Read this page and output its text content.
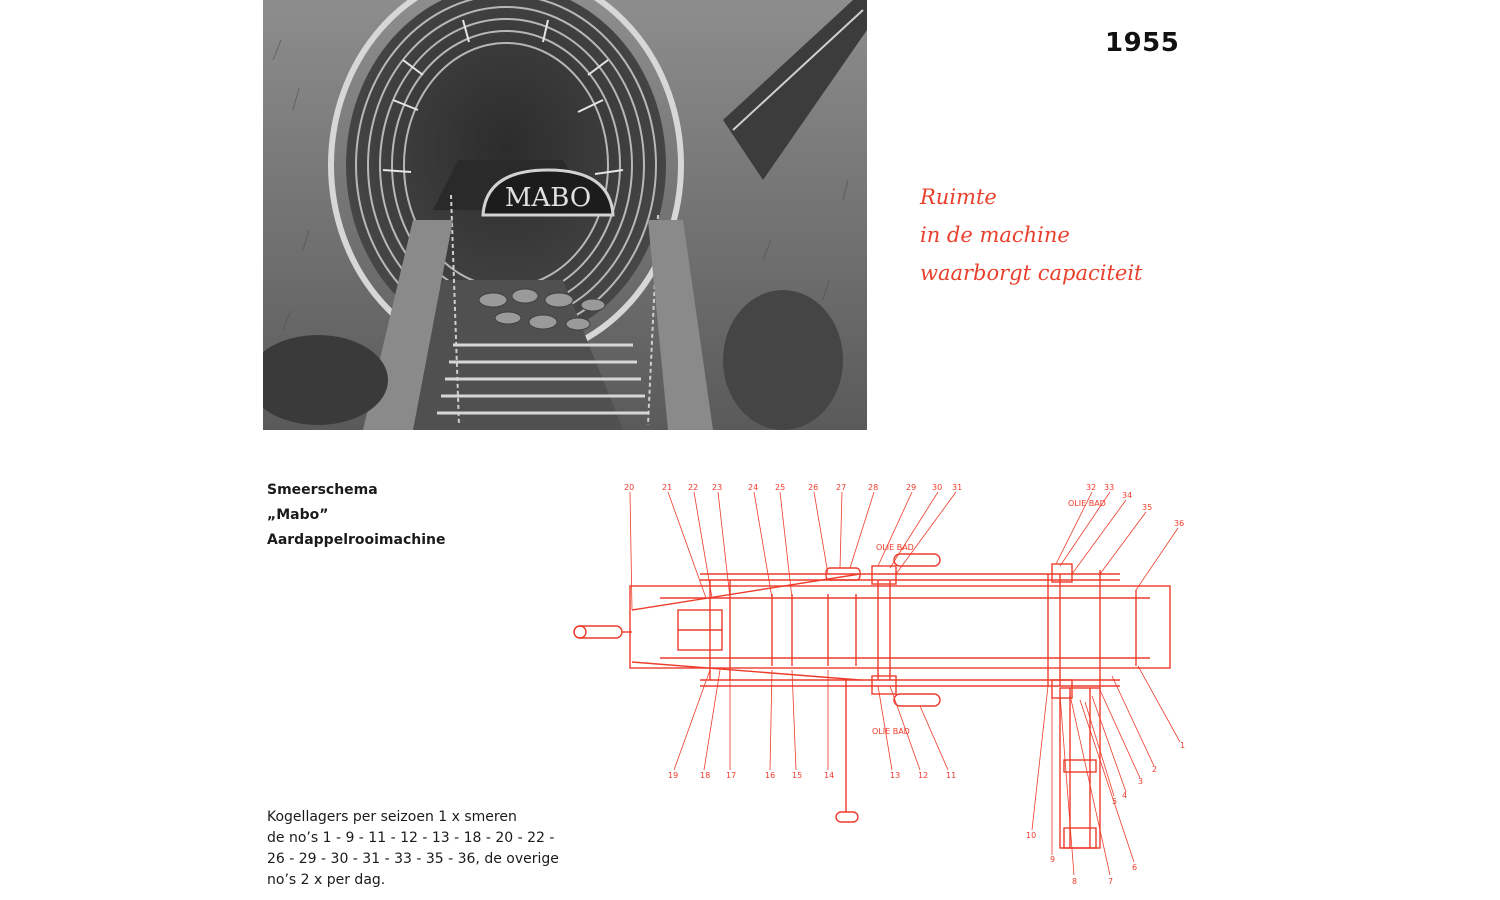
MABO
1955
Ruimte
in de machine
waarborgt capaciteit
Smeerschema
„Mabo”
Aardappelrooimachine
Kogellagers per seizoen 1 x smeren
de no’s 1 - 9 - 11 - 12 - 13 - 18 - 20 - 22 -
26 - 29 - 30 - 31 - 33 - 35 - 36, de overige
no’s 2 x per dag.
OLIE BAD
OLIE BAD
OLIE BAD
20	21 22 23	24 25	26 27	28	29 30 31	32 33
34
35
36
19	18 17	16 15	14	13 12 11
10
9
8	7
6
5
4
3
2
1
